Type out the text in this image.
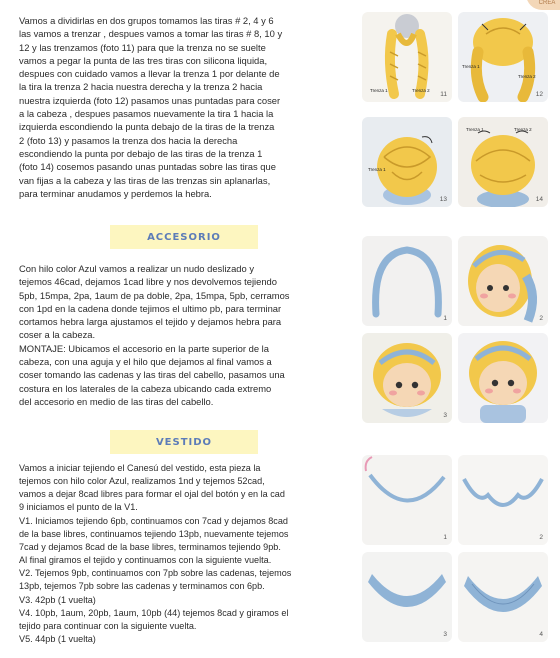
CREA
Vamos a dividirlas en dos grupos tomamos las tiras # 2, 4 y 6
las vamos a trenzar , despues vamos a tomar las tiras # 8, 10 y
12 y las trenzamos (foto 11) para que la trenza no se suelte
vamos a pegar la punta de las tres tiras con silicona liquida,
despues con cuidado vamos a llevar la trenza 1 por delante de
la tira la trenza 2 hacia nuestra derecha y la trenza 2 hacia
nuestra izquierda (foto 12) pasamos unas puntadas para coser
a la cabeza , despues pasamos nuevamente la tira 1 hacia la
izquierda escondiendo la punta debajo de la tiras de la trenza
2 (foto 13) y pasamos la trenza dos hacia la derecha
escondiendo la punta por debajo de las tiras de la trenza 1
(foto 14) cosemos pasando unas puntadas sobre las tiras que
van fijas a la cabeza y las tiras de las trenzas sin aplanarlas,
para terminar anudamos y perdemos la hebra.
ACCESORIO
Con hilo color Azul vamos a realizar un nudo deslizado y
tejemos 46cad, dejamos 1cad libre y nos devolvemos tejiendo
5pb, 15mpa, 2pa, 1aum de pa doble, 2pa, 15mpa, 5pb, cerramos
con 1pd en la cadena donde tejimos el ultimo pb, para terminar
cortamos hebra larga ajustamos el tejido y dejamos hebra para
coser a la cabeza.
MONTAJE: Ubicamos el accesorio en la parte superior de la
cabeza, con una aguja y el hilo que dejamos al final vamos a
coser tomando las cadenas y las tiras del cabello, pasamos una
costura en los laterales de la cabeza ubicando cada extremo
del accesorio en medio de las tiras del cabello.
VESTIDO
Vamos a iniciar tejiendo el Canesú del vestido, esta pieza la
tejemos con hilo color Azul, realizamos 1nd y tejemos 52cad,
vamos a dejar 8cad libres para formar el ojal del botón y en la cad
9 iniciamos el punto de la V1.
V1. Iniciamos tejiendo 6pb, continuamos con 7cad y dejamos 8cad
de la base libres, continuamos tejiendo 13pb, nuevamente tejemos
7cad y dejamos 8cad de la base libres, terminamos tejiendo 9pb.
Al final giramos el tejido y continuamos con la siguiente vuelta.
V2. Tejemos 9pb, continuamos con 7pb sobre las cadenas, tejemos
13pb, tejemos 7pb sobre las cadenas y terminamos con 6pb.
V3. 42pb (1 vuelta)
V4. 10pb, 1aum, 20pb, 1aum, 10pb (44) tejemos 8cad y giramos el
tejido para continuar con la siguiente vuelta.
V5. 44pb (1 vuelta)
Trenza 1	Trenza 2
11
Trenza 1
Trenza 2
12
Trenza 1
13
Trenza 1	Trenza 2
14
1	2
3
1	2
3	4
